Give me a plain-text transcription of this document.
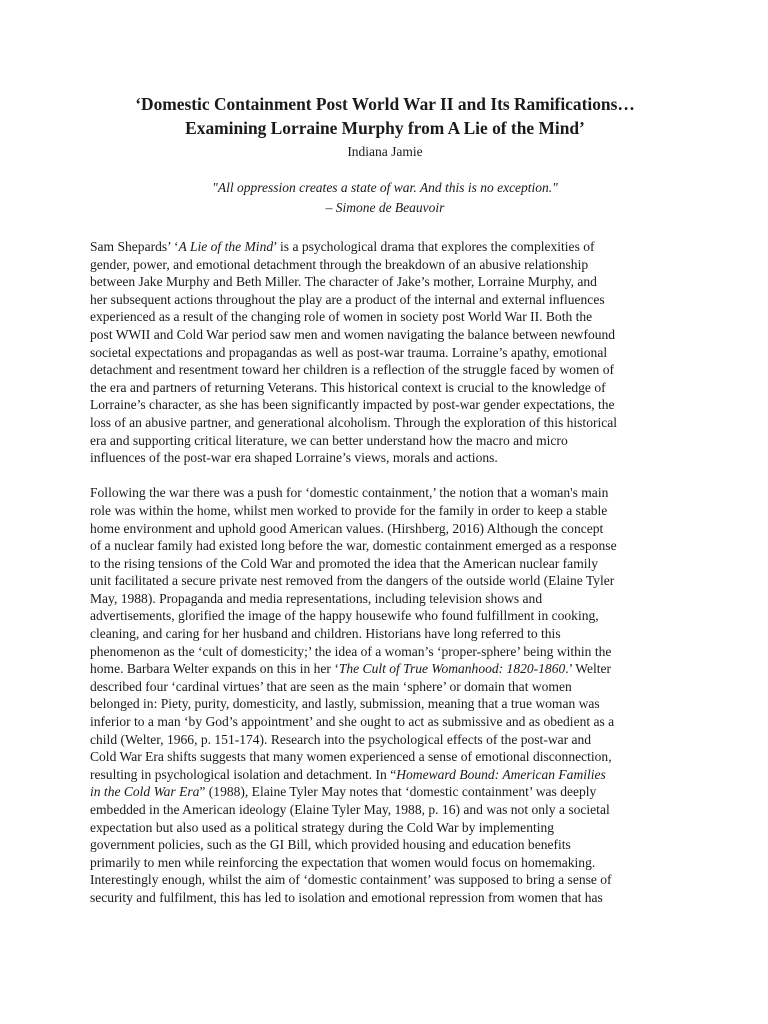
‘Domestic Containment Post World War II and Its Ramifications…
Examining Lorraine Murphy from A Lie of the Mind’
Indiana Jamie
"All oppression creates a state of war. And this is no exception."
– Simone de Beauvoir
Sam Shepards’ ‘A Lie of the Mind’ is a psychological drama that explores the complexities of
gender, power, and emotional detachment through the breakdown of an abusive relationship
between Jake Murphy and Beth Miller. The character of Jake’s mother, Lorraine Murphy, and
her subsequent actions throughout the play are a product of the internal and external influences
experienced as a result of the changing role of women in society post World War II. Both the
post WWII and Cold War period saw men and women navigating the balance between newfound
societal expectations and propagandas as well as post-war trauma. Lorraine’s apathy, emotional
detachment and resentment toward her children is a reflection of the struggle faced by women of
the era and partners of returning Veterans. This historical context is crucial to the knowledge of
Lorraine’s character, as she has been significantly impacted by post-war gender expectations, the
loss of an abusive partner, and generational alcoholism. Through the exploration of this historical
era and supporting critical literature, we can better understand how the macro and micro
influences of the post-war era shaped Lorraine’s views, morals and actions.
Following the war there was a push for ‘domestic containment,’ the notion that a woman's main
role was within the home, whilst men worked to provide for the family in order to keep a stable
home environment and uphold good American values. (Hirshberg, 2016) Although the concept
of a nuclear family had existed long before the war, domestic containment emerged as a response
to the rising tensions of the Cold War and promoted the idea that the American nuclear family
unit facilitated a secure private nest removed from the dangers of the outside world (Elaine Tyler
May, 1988). Propaganda and media representations, including television shows and
advertisements, glorified the image of the happy housewife who found fulfillment in cooking,
cleaning, and caring for her husband and children. Historians have long referred to this
phenomenon as the ‘cult of domesticity;’ the idea of a woman’s ‘proper-sphere’ being within the
home. Barbara Welter expands on this in her ‘The Cult of True Womanhood: 1820-1860.’ Welter
described four ‘cardinal virtues’ that are seen as the main ‘sphere’ or domain that women
belonged in: Piety, purity, domesticity, and lastly, submission, meaning that a true woman was
inferior to a man ‘by God’s appointment’ and she ought to act as submissive and as obedient as a
child (Welter, 1966, p. 151-174). Research into the psychological effects of the post-war and
Cold War Era shifts suggests that many women experienced a sense of emotional disconnection,
resulting in psychological isolation and detachment. In “Homeward Bound: American Families
in the Cold War Era” (1988), Elaine Tyler May notes that ‘domestic containment’ was deeply
embedded in the American ideology (Elaine Tyler May, 1988, p. 16) and was not only a societal
expectation but also used as a political strategy during the Cold War by implementing
government policies, such as the GI Bill, which provided housing and education benefits
primarily to men while reinforcing the expectation that women would focus on homemaking.
Interestingly enough, whilst the aim of ‘domestic containment’ was supposed to bring a sense of
security and fulfilment, this has led to isolation and emotional repression from women that has
